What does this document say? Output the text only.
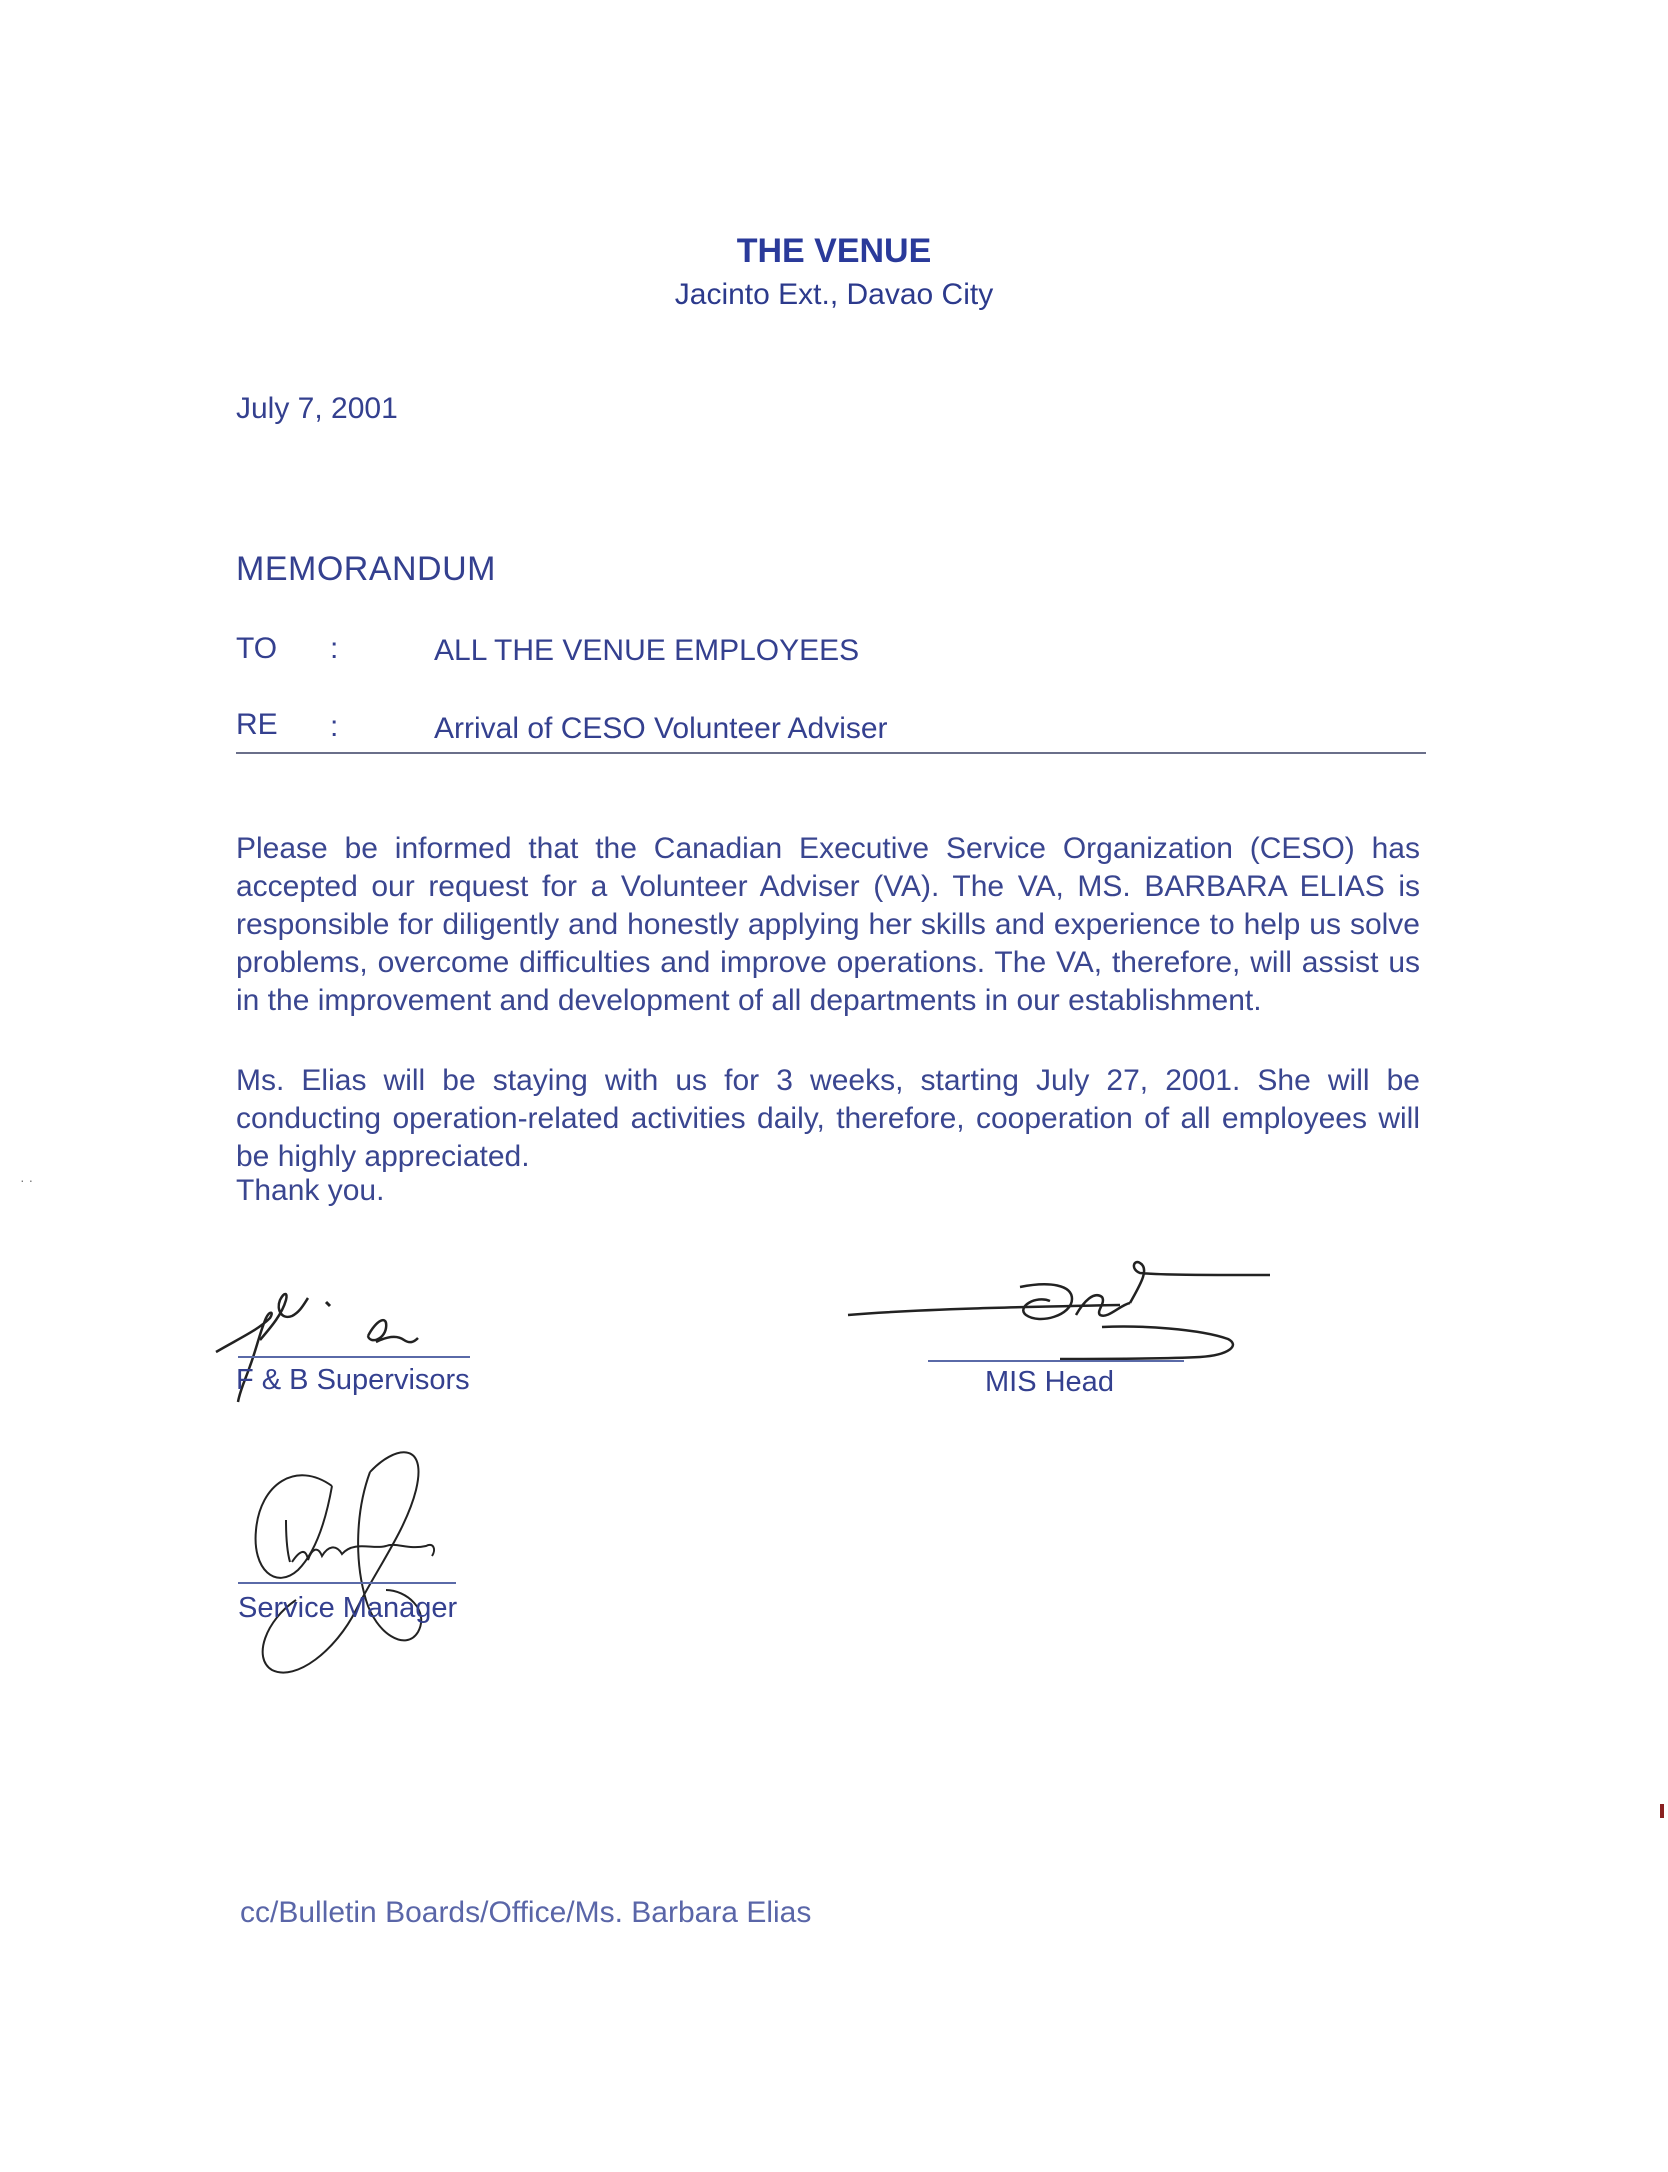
THE VENUE
Jacinto Ext., Davao City
July 7, 2001
MEMORANDUM
TO :	ALL THE VENUE EMPLOYEES
RE :	Arrival of CESO Volunteer Adviser
Please be informed that the Canadian Executive Service Organization (CESO) has accepted our request for a Volunteer Adviser (VA). The VA, MS. BARBARA ELIAS is responsible for diligently and honestly applying her skills and experience to help us solve problems, overcome difficulties and improve operations. The VA, therefore, will assist us in the improvement and development of all departments in our establishment.
Ms. Elias will be staying with us for 3 weeks, starting July 27, 2001. She will be conducting operation-related activities daily, therefore, cooperation of all employees will be highly appreciated.
Thank you.
F & B Supervisors	MIS Head
Service Manager
cc/Bulletin Boards/Office/Ms. Barbara Elias
· ·
